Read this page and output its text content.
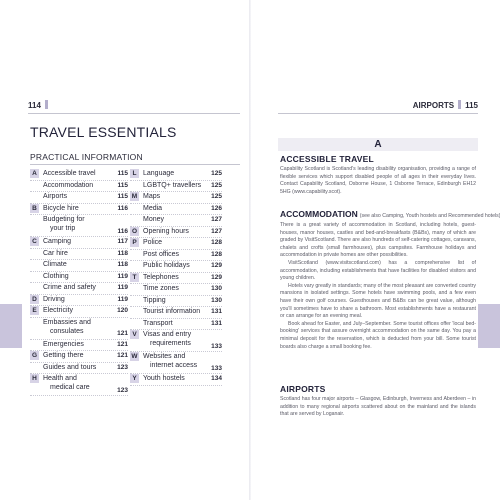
114	AIRPORTS 115
TRAVEL ESSENTIALS
PRACTICAL INFORMATION
A Accessible travel	115
Accommodation	115
Airports	115
B Bicycle hire	116
Budgeting for
your trip	116
C Camping	117
Car hire	118
Climate	118
Clothing	119
Crime and safety	119
D Driving	119
E Electricity	120
Embassies and
consulates	121
Emergencies	121
G Getting there	121
Guides and tours	123
H Health and
medical care	123
L Language	125
LGBTQ+ travellers	125
M Maps	125
Media	126
Money	127
O Opening hours	127
P Police	128
Post offices	128
Public holidays	129
T Telephones	129
Time zones	130
Tipping	130
Tourist information	131
Transport	131
V Visas and entry
requirements	133
W Websites and
internet access	133
Y Youth hostels	134
A
ACCESSIBLE TRAVEL

Capability Scotland is Scotland's leading disability organisation, providing a range of flexible services which support disabled people of all ages in their everyday lives. Contact Capability Scotland, Osborne House, 1 Osborne Terrace, Edinburgh EH12 5HG (www.capability.scot).

ACCOMMODATION (see also Camping, Youth hostels and Recommended hotels)

There is a great variety of accommodation in Scotland, including hotels, guest-houses, manor houses, castles and bed-and-breakfasts (B&Bs), many of which are graded by VisitScotland. There are also hundreds of self-catering cottages, caravans, chalets and crofts (small farmhouses), plus campsites. Farmhouse holidays and accommodation in private homes are other possibilities.

VisitScotland (www.visitscotland.com) has a comprehensive list of accommodation, including establishments that have facilities for disabled visitors and young children.

Hotels vary greatly in standards; many of the most pleasant are converted country mansions in isolated settings. Some hotels have swimming pools, and a few even have their own golf courses. Guesthouses and B&Bs can be great value, although you'll sometimes have to share a bathroom. Most establishments have a restaurant or can arrange for an evening meal.

Book ahead for Easter, and July–September. Some tourist offices offer 'local bed-booking' services that assure overnight accommodation on the same day. You pay a minimal deposit for the reservation, which is deducted from your bill. Some tourist boards also charge a small booking fee.

AIRPORTS

Scotland has four major airports – Glasgow, Edinburgh, Inverness and Aberdeen – in addition to many regional airports scattered about on the mainland and the islands that are served by Loganair.
